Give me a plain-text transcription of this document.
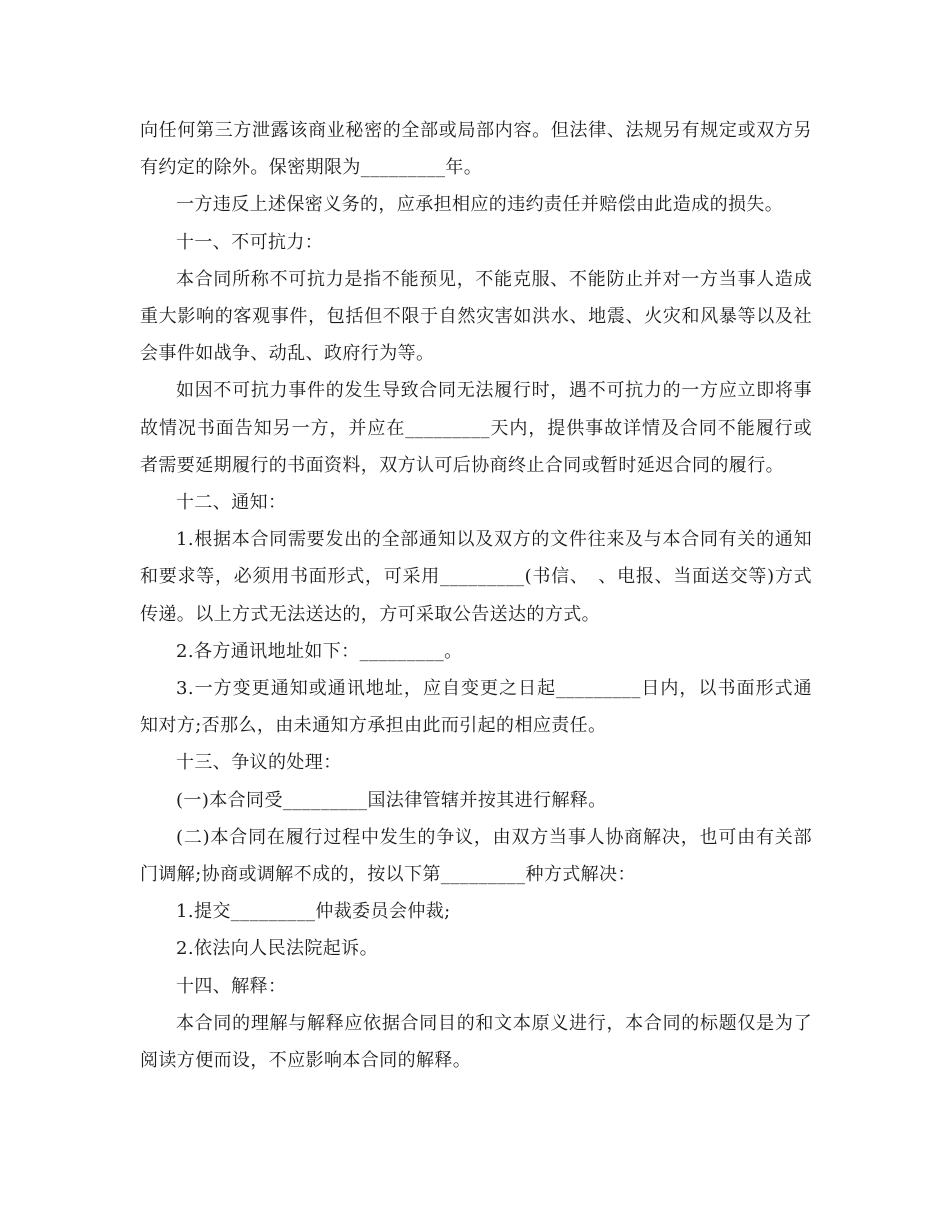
向任何第三方泄露该商业秘密的全部或局部内容。但法律、法规另有规定或双方另有约定的除外。保密期限为_________年。

一方违反上述保密义务的，应承担相应的违约责任并赔偿由此造成的损失。

十一、不可抗力：

本合同所称不可抗力是指不能预见，不能克服、不能防止并对一方当事人造成重大影响的客观事件，包括但不限于自然灾害如洪水、地震、火灾和风暴等以及社会事件如战争、动乱、政府行为等。

如因不可抗力事件的发生导致合同无法履行时，遇不可抗力的一方应立即将事故情况书面告知另一方，并应在_________天内，提供事故详情及合同不能履行或者需要延期履行的书面资料，双方认可后协商终止合同或暂时延迟合同的履行。

十二、通知：

1.根据本合同需要发出的全部通知以及双方的文件往来及与本合同有关的通知和要求等，必须用书面形式，可采用_________(书信、　、电报、当面送交等)方式传递。以上方式无法送达的，方可采取公告送达的方式。

2.各方通讯地址如下：_________。

3.一方变更通知或通讯地址，应自变更之日起_________日内，以书面形式通知对方;否那么，由未通知方承担由此而引起的相应责任。

十三、争议的处理：

(一)本合同受_________国法律管辖并按其进行解释。

(二)本合同在履行过程中发生的争议，由双方当事人协商解决，也可由有关部门调解;协商或调解不成的，按以下第_________种方式解决：

1.提交_________仲裁委员会仲裁;

2.依法向人民法院起诉。

十四、解释：

本合同的理解与解释应依据合同目的和文本原义进行，本合同的标题仅是为了阅读方便而设，不应影响本合同的解释。
